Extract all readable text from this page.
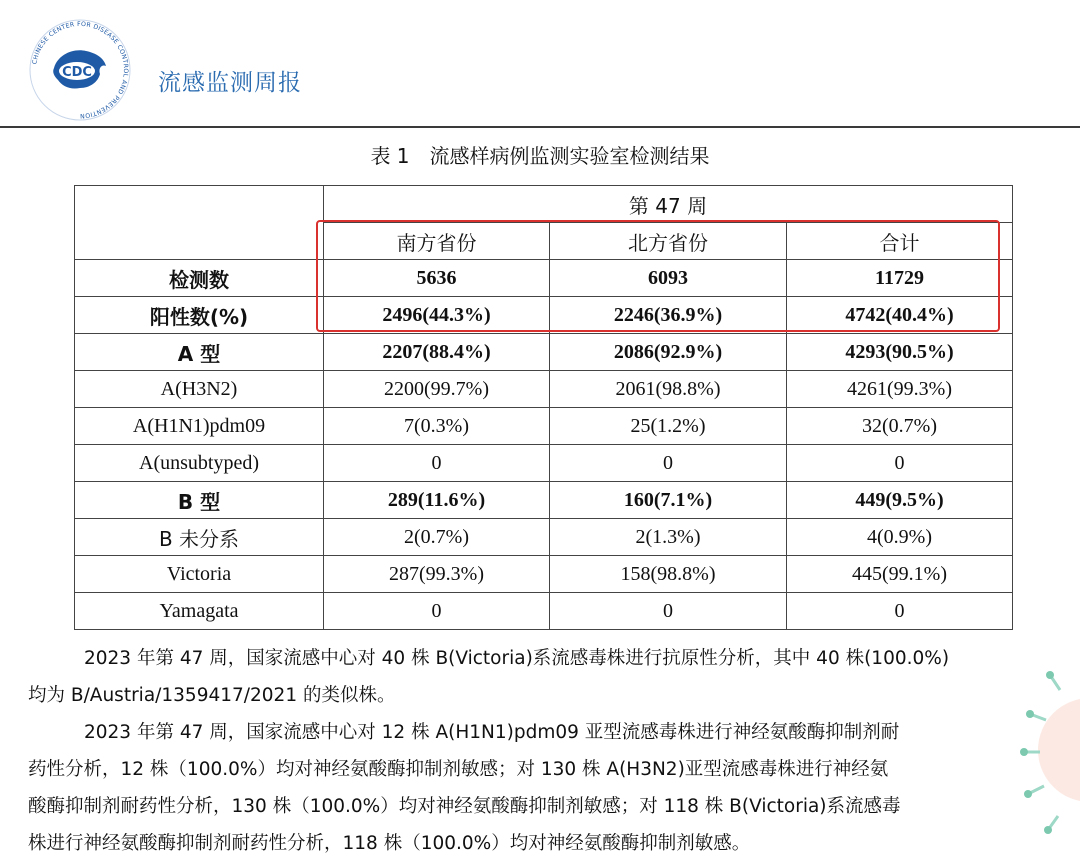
CHINESE CENTER FOR DISEASE CONTROL AND PREVENTION
CDC	流感监测周报
表 1 流感样病例监测实验室检测结果
	第 47 周		
	南方省份	北方省份	合计
检测数	5636	6093	11729
阳性数(%)	2496(44.3%)	2246(36.9%)	4742(40.4%)
A 型	2207(88.4%)	2086(92.9%)	4293(90.5%)
A(H3N2)	2200(99.7%)	2061(98.8%)	4261(99.3%)
A(H1N1)pdm09	7(0.3%)	25(1.2%)	32(0.7%)
A(unsubtyped)	0	0	0
B 型	289(11.6%)	160(7.1%)	449(9.5%)
B 未分系	2(0.7%)	2(1.3%)	4(0.9%)
Victoria	287(99.3%)	158(98.8%)	445(99.1%)
Yamagata	0	0	0
2023 年第 47 周，国家流感中心对 40 株 B(Victoria)系流感毒株进行抗原性分析，其中 40 株(100.0%)
均为 B/Austria/1359417/2021 的类似株。
2023 年第 47 周，国家流感中心对 12 株 A(H1N1)pdm09 亚型流感毒株进行神经氨酸酶抑制剂耐
药性分析，12 株（100.0%）均对神经氨酸酶抑制剂敏感；对 130 株 A(H3N2)亚型流感毒株进行神经氨
酸酶抑制剂耐药性分析，130 株（100.0%）均对神经氨酸酶抑制剂敏感；对 118 株 B(Victoria)系流感毒
株进行神经氨酸酶抑制剂耐药性分析，118 株（100.0%）均对神经氨酸酶抑制剂敏感。
